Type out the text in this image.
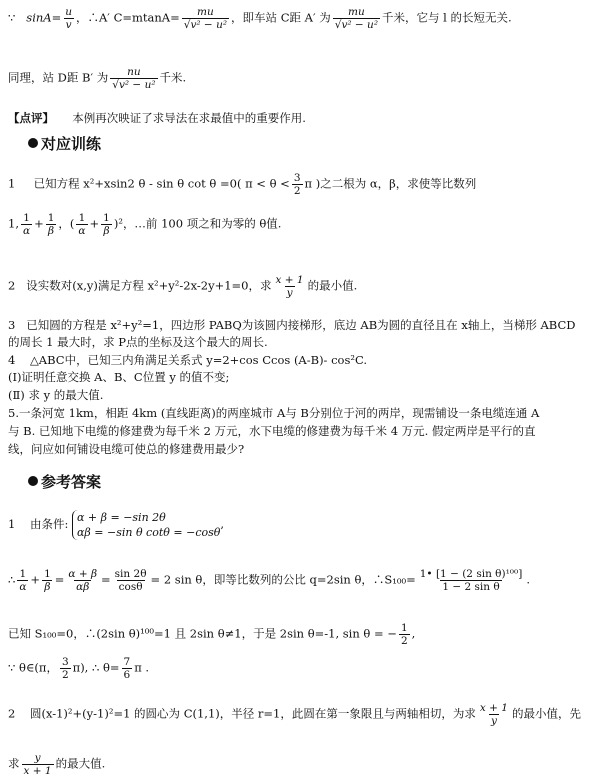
∵ $\sin A= \frac{u}{v}$ ，∴A′ $C=mtanA= \frac{mu}{\text{√v² − u²}}$ ，即车站 C距 A′ 为 $\frac{mu}{\text{√v² − u²}}$ 千米，它与 l 的长短无关.
同理，站 D距 B′ 为 $\frac{nu}{\text{√v² − u²}}$ 千米.
【点评】 本例再次映证了求导法在求最值中的重要作用.
对应训练
1 已知方程 x²+xsin2 θ - sin θ cot θ =0( $\pi < \theta < \frac{3}{2}$ π )之二根为 α，β，求使等比数列
1, $\frac{1}{\alpha} + \frac{1}{\beta}$ ，( $\frac{1}{\alpha} + \frac{1}{\beta} )^2$，…前 100 项之和为零的 θ值.
2 设实数对(x,y)满足方程 x²+y²-2x-2y+1=0，求 $\frac{x + 1}{y}$ 的最小值.
3 已知圆的方程是 x²+y²=1，四边形 PABQ为该圆内接梯形，底边 AB为圆的直径且在 x轴上，当梯形 ABCD
的周长 1 最大时，求 P点的坐标及这个最大的周长.
4 △ABC中，已知三内角满足关系式 y=2+cos Ccos (A-B)- cos²C.
(Ⅰ)证明任意交换 A、B、C位置 y 的值不变;
(Ⅱ) 求 y 的最大值.
5.一条河宽 1km，相距 4km (直线距离)的两座城市 A与 B分别位于河的两岸，现需铺设一条电缆连通 A
与 B. 已知地下电缆的修建费为每千米 2 万元，水下电缆的修建费为每千米 4 万元. 假定两岸是平行的直
线，问应如何铺设电缆可使总的修建费用最少?
参考答案
1 由条件: α + β = −sin 2θ
αβ = −sin θ cotθ = −cosθ,
∴ $\frac{1}{\alpha} + \frac{1}{\beta} = \frac{\alpha + \beta}{\alpha\beta} = \frac{\sin 2\theta}{\cos\theta} = 2$ sin θ，即等比数列的公比 q=2sin θ，∴S₁₀₀= $\frac{\text{1• [1 − (2 sin θ)¹⁰⁰]}}{\text{1 − 2 sin θ}}$ .
已知 S₁₀₀=0，∴(2sin θ)¹⁰⁰=1 且 2sin θ≠1，于是 2sin θ=-1, sin θ = − $\frac{1}{2}$ ,
∵ θ∈(π， $\frac{3}{2} \pi$), ∴ $\theta= \frac{7}{6}$ π .
2 圆(x-1)²+(y-1)²=1 的圆心为 C(1,1)，半径 r=1，此圆在第一象限且与两轴相切，为求 $\frac{x + 1}{y}$ 的最小值，先
求 $\frac{y}{x + 1}$ 的最大值.
